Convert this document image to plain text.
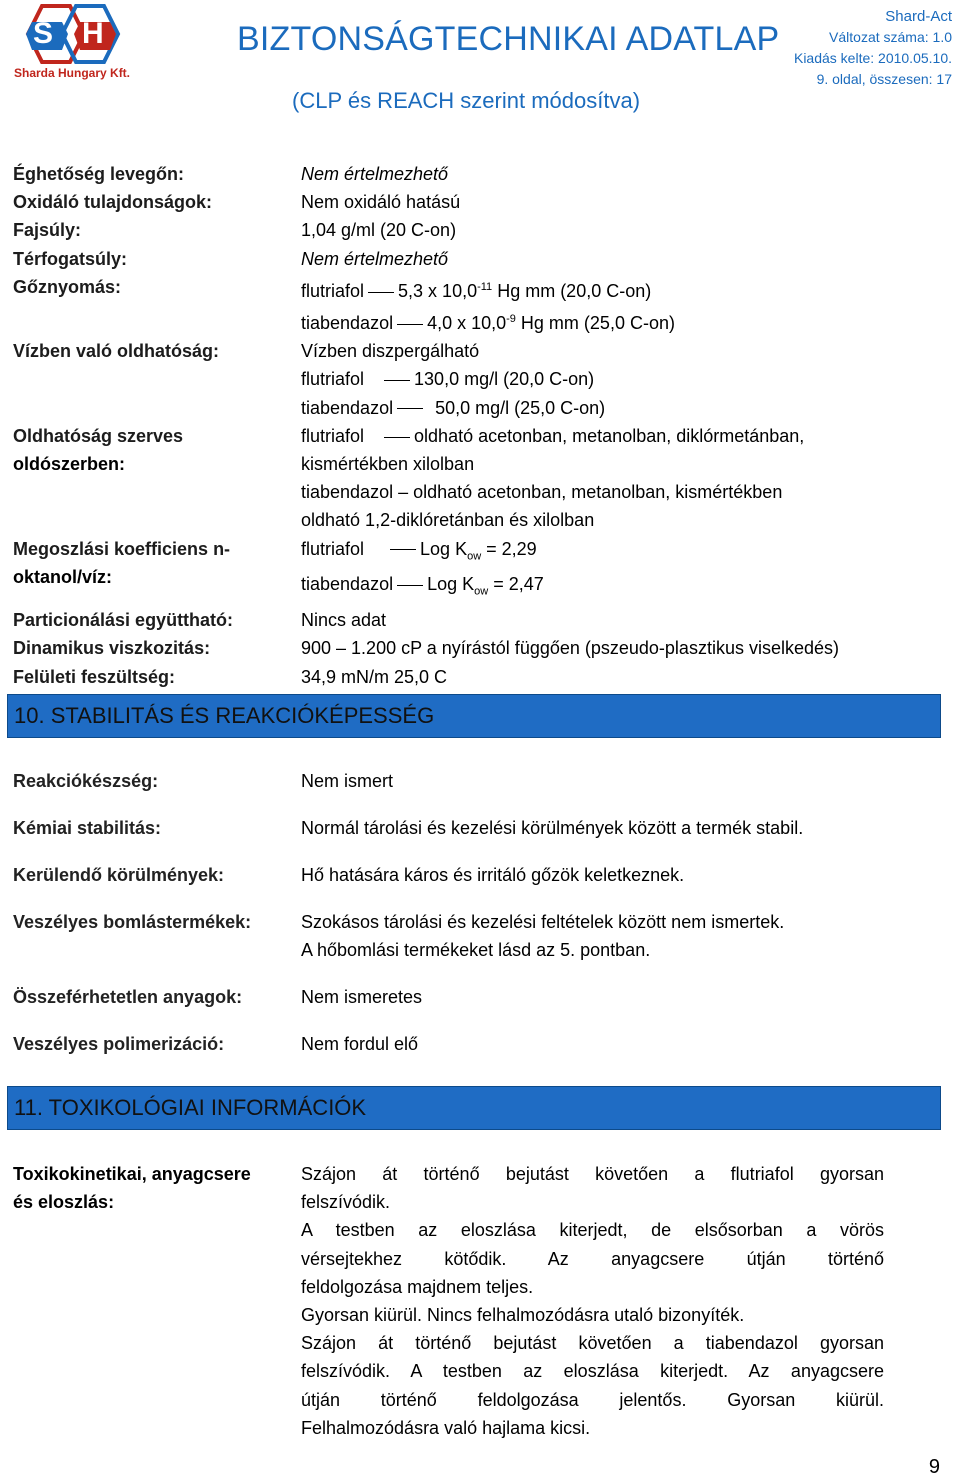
S H
Sharda Hungary Kft.
BIZTONSÁGTECHNIKAI ADATLAP
(CLP és REACH szerint módosítva)
Shard-Act
Változat száma: 1.0
Kiadás kelte: 2010.05.10.
9. oldal, összesen: 17
Éghetőség levegőn:	Nem értelmezhető
Oxidáló tulajdonságok:	Nem oxidáló hatású
Fajsúly:	1,04 g/ml (20 C-on)
Térfogatsúly:	Nem értelmezhető
Gőznyomás:	flutriafol 5,3 x $10,0^{-11}$ Hg mm (20,0 C-on)
tiabendazol 4,0 x $10,0^{-9}$ Hg mm (25,0 C-on)
Vízben való oldhatóság:	Vízben diszpergálható
flutriafol	130,0 mg/l (20,0 C-on)
tiabendazol 50,0 mg/l (25,0 C-on)
Oldhatóság szerves
oldószerben:
flutriafol	oldható acetonban, metanolban, diklórmetánban,
kismértékben xilolban
tiabendazol – oldható acetonban, metanolban, kismértékben
oldható 1,2-diklóretánban és xilolban
Megoszlási koefficiens n-
oktanol/víz:
flutriafol	Log $K_{ow} = 2,29$
tiabendazol Log $K_{ow} = 2,47$
Particionálási együttható:	Nincs adat
Dinamikus viszkozitás:	900 – 1.200 cP a nyírástól függően (pszeudo-plasztikus viselkedés)
Felületi feszültség:	34,9 mN/m 25,0 C
10. STABILITÁS ÉS REAKCIÓKÉPESSÉG
Reakciókészség:	Nem ismert
Kémiai stabilitás:	Normál tárolási és kezelési körülmények között a termék stabil.
Kerülendő körülmények:	Hő hatására káros és irritáló gőzök keletkeznek.
Veszélyes bomlástermékek:	Szokásos tárolási és kezelési feltételek között nem ismertek.
A hőbomlási termékeket lásd az 5. pontban.
Összeférhetetlen anyagok:	Nem ismeretes
Veszélyes polimerizáció:	Nem fordul elő
11. TOXIKOLÓGIAI INFORMÁCIÓK
Toxikokinetikai, anyagcsere
és eloszlás:
Szájon át történő bejutást követően a flutriafol gyorsan
felszívódik.
A testben az eloszlása kiterjedt, de elsősorban a vörös
vérsejtekhez kötődik. Az anyagcsere útján történő
feldolgozása majdnem teljes.
Gyorsan kiürül. Nincs felhalmozódásra utaló bizonyíték.
Szájon át történő bejutást követően a tiabendazol gyorsan
felszívódik. A testben az eloszlása kiterjedt. Az anyagcsere
útján történő feldolgozása jelentős. Gyorsan kiürül.
Felhalmozódásra való hajlama kicsi.
9
